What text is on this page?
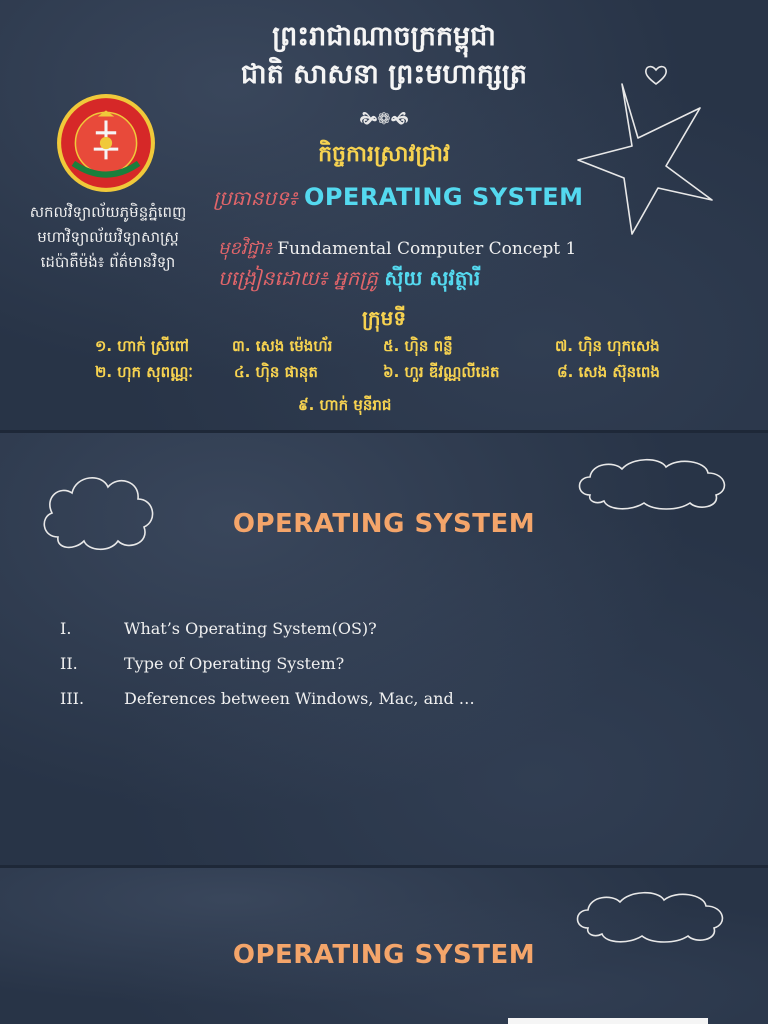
ព្រះរាជាណាចក្រកម្ពុជា
ជាតិ សាសនា ព្រះមហាក្សត្រ
🙞❁🙜
កិច្ចការស្រាវជ្រាវ
សកលវិទ្យាល័យភូមិន្ទភ្នំពេញ
មហាវិទ្យាល័យវិទ្យាសាស្ត្រ
ដេប៉ាតឺម៉ង់៖ ព័ត៌មានវិទ្យា
ប្រធានបទ៖ OPERATING SYSTEM
មុខវិជ្ជា៖ Fundamental Computer Concept 1
បង្រៀនដោយ៖ អ្នកគ្រូ ស៊ីយ សុវត្ថារី
ក្រុមទី
១. ហាក់ ស្រីពៅ	៣. សេង ម៉េងហ័រ	៥. ហ៊ិន ពន្លឺ	៧. ហ៊ិន ហុកសេង
២. ហុក សុពណ្ណៈ	៤. ហ៊ិន ផានុត	៦. ហួរ ឌីវណ្ណលីដេត	៨. សេង ស៊ុនពេង
៩. ហាក់ មុនីរាជ
OPERATING SYSTEM
I.	What’s Operating System(OS)?
II.	Type of Operating System?
III. Deferences between Windows, Mac, and …
OPERATING SYSTEM
